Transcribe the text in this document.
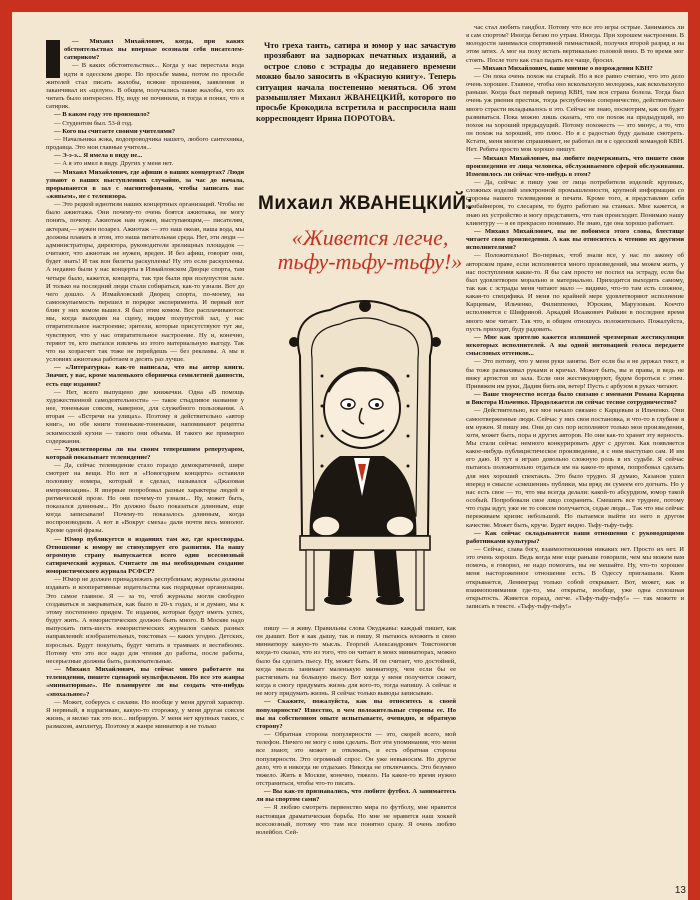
— Михаил Михайлович, когда, при каких обстоятельствах вы впервые осознали себя писателем-сатириком?

— В каких обстоятельствах... Когда у нас перестала вода идти в одесском дворе. По просьбе мамы, потом по просьбе жителей стал писать жалобы, всякие прошения, заявления и заканчивал их «целую». В общем, получались такие жалобы, что их читать было интересно. Ну, воду не починили, и тогда я понял, что я сатирик.

— В каком году это произошло?

— Студентом был. 53-й год.

— Кого вы считаете своими учителями?

— Начальника жэка, водопроводчика нашего, любого сантехника, продавца. Это мои главные учителя...

— Э-э-э... Я имела в виду не...

— А я это имел в виду. Других у меня нет.

— Михаил Михайлович, где афиши о ваших концертах? Люди узнают о ваших выступлениях случайно, за час до начала, прорываются в зал с магнитофонами, чтобы записать вас «живьем», не с телевизора.

— Это редкой идиотизм наших концертных организаций. Чтобы не было ажиотажа. Они почему-то очень боятся ажиотажа, не могу понять, почему. Ажиотаж нам нужен, выступающим,— писателям, актерам,— нужен позарез. Ажиотаж — это наш океан, наша вода, мы должны плавать в этом, это наша питательная среда. Нет, эти люди — администраторы, директора, руководители зрелищных площадок — считают, что ажиотаж не нужен, вреден. И без афиш, говорят они, будет знать! И так вон билеты раскуплены! Ну это если раскуплены. А недавно были у нас концерты в Измайловском Дворце спорта, там четыре было, кажется, концерта, так три были при полупустом зале. И только на последний люди стали собираться, как-то узнали. Вот до чего дошло. А Измайловский Дворец спорта, по-моему, на самоокупаемость перешел в порядке эксперимента. И первый вот блин у них комом вышел. Я был этим комом. Все расплачиваются: мы, когда выходим на сцену, видим полупустой зал, у нас отвратительное настроение; зрители, которые присутствуют тут же, чувствуют, что у нас отвратительное настроение. Ну и, конечно, теряют те, кто пытался извлечь из этого материальную выгоду. Так что на хозрасчет так тоже не перейдешь — без рекламы. А мы в условиях ажиотажа работаем в десять раз лучше.

— «Литературка» как-то написала, что вы автор книги. Значит, у вас, кроме маленького сборничка семилетней давности, есть еще издания?

— Нет, всего выпущено две книжечки. Одна «В помощь художественной самодеятельности» — такое стыдливое название у нее, тоненькая совсем, наверное, для служебного пользования. А вторая — «Встречи на улицах». Поэтому я действительно «автор книг», но обе книги тоненькие-тоненькие, напоминают рецепты эскимосской кухни — такого они объема. И такого же примерно содержания.

— Удовлетворены ли вы своим теперешним репертуаром, который показывает телевидение?

— Да, сейчас телевидение стало гораздо демократичней, шире смотрит на вещи. Но вот в «Новогоднем концерте» оставили половину номера, который я сделал, назывался «Джазовая импровизация». Я впервые попробовал разные характеры людей в ритмической прозе. Но они почему-то узнали... Ну, может быть, показался длинным... Но должно было показаться длинным, еще когда записывали! Почему-то показалось длинным, когда воспроизводили. А вот в «Вокруг смеха» дали почти весь монолог. Кроме одной фразы.

— Юмор публикуется в изданиях там же, где кроссворды. Отношение к юмору не стимулирует его развития. На нашу огромную страну выпускается всего один всесоюзный сатирический журнал. Считаете ли вы необходимым создание юмористического журнала РСФСР?

— Юмор не должен принадлежать республикам; журналы должны издавать и кооперативные издательства как подрядные организации. Это самое главное. Я — за то, чтоб журналы могли свободно создаваться и закрываться, как было в 20-х годах, и я думаю, мы к этому постепенно придем. Те издания, которые будут иметь успех, будут жить. А юмористических должно быть много. В Москве надо выпускать пять-шесть юмористических журналов самых разных направлений: изобразительных, текстовых — каких угодно. Детских, взрослых. Будут покупать, будут читать в трамваях и вестибюлях. Потому что это все надо для чтения до работы, после работы, несерьезные должны быть, развлекательные.

— Михаил Михайлович, вы сейчас много работаете на телевидении, пишете сценарий мультфильмов. Но все это жанры «миниатюрные». Не планируете ли вы создать что-нибудь «эпохальное»?

— Может, соберусь с силами. Но вообще у меня другой характер. Я нервный, я вздрагиваю, какую-то сторожку, у меня другая совсем жизнь, я мелко так это все... вибрирую. У меня нет крупных таких, с размахом, амплитуд. Поэтому в жанре миниатюр я не только

Что греха таить, сатира и юмор у нас зачастую прозябают на задворках печатных изданий, а острое слово с эстрады до недавнего времени можно было заносить в «Красную книгу». Теперь ситуация начала постепенно меняться. Об этом размышляет Михаил ЖВАНЕЦКИЙ, которого по просьбе Крокодила встретила и расспросила наш корреспондент Ирина ПОРОТОВА.
Михаил ЖВАНЕЦКИЙ:
«Живется легче, тьфу-тьфу-тьфу!»

пишу — я живу. Правильны слова Окуджавы: каждый пишет, как он дышит. Вот я как дышу, так и пишу. Я пытаюсь вложить в свою миниатюру какую-то мысль. Георгий Александрович Товстоногов когда-то сказал, что из того, что он читает в моих миниатюрах, можно было бы сделать пьесу. Ну, может быть. И он считает, что достойней, когда мысль занимает маленькую миниатюру, чем если бы ее растягивать на большую пьесу. Вот когда у меня получится сюжет, когда я смогу придумать жизнь для кого-то, тогда напишу. А сейчас я не могу придумать жизнь. Я сейчас только выводы записываю.

— Скажите, пожалуйста, как вы относитесь к своей популярности? Известно, в чем положительные стороны ее. Но вы на собственном опыте испытываете, очевидно, и обратную сторону?

— Обратная сторона популярности — это, скорей всего, мой телефон. Ничего не могу с ним сделать. Вот эти упоминания, что меня все знают, это может и отвлекать, и есть обратная сторона популярности. Это огромный спрос. Он уже невыносим. Но другое дело, что я никогда не отдыхаю. Никогда не отключаюсь. Это безумно тяжело. Жить в Москве, конечно, тяжело. На какое-то время нужно отстраниться, чтобы что-то писать.

— Вы как-то признавались, что любите футбол. А занимаетесь ли вы спортом сами?

— Я люблю смотреть первенство мира по футболу, мне нравится настоящая драматическая борьба. Но мне не нравится наш хоккей всесоюзный, потому что там все понятно сразу. Я очень люблю волейбол. Сей-

час стал любить гандбол. Потому что все это игры острые. Занимаюсь ли я сам спортом? Иногда бегаю по утрам. Иногда. При хорошем настроении. В молодости занимался спортивной гимнастикой, получил второй разряд и на этом затих. А мог на полу встать вертикально головой вниз. В то время мог стоять. После того как стал падать все чаще, бросил.

— Михаил Михайлович, ваше мнение о возрождении КВН?

— Он пока очень похож на старый. Но я все равно считаю, что это дело очень хорошее. Главное, чтобы оно всколыхнуло молодежь, как всколыхнуло раньше. Когда был первый период КВН, там вся страна болела. Тогда был очень уж рвения престиж, тогда респубочное соперничество, действительно много страсти вкладывалось в это. Сейчас не знаю, посмотрим, как он будет развиваться. Пока можно лишь сказать, что он похож на предыдущий, но похож на хороший предыдущий. Потому похожесть — это минус, а то, что он похож на хороший, это плюс. Но я с радостью буду дальше смотреть. Кстати, меня многие спрашивают, не работал ли я с одесской командой КВН. Нет. Ребята просто мои хорошо пишут.

— Михаил Михайлович, вы любите подчеркивать, что пишете свои произведения от лица человека, обслуживаемого сферой обслуживания. Изменилось ли сейчас что-нибудь в этом?

— Да, сейчас я пишу уже от лица потребителя изделий: крупных, сложных изделий электронной промышленности, крупной информации со стороны нашего телевидения и печати. Кроме того, я представляю себя комбайнером, то слесарем, то будто работаю на станках. Мне кажется, я знаю их устройство и могу представить, что там происходит. Понимаю нашу клиентуру — я ее прекрасно понимаю. Не знаю, где она хорошо работает.

— Михаил Михайлович, вы не побоимся этого слова, блестяще читаете свои произведения. А как вы относитесь к чтению их другими исполнителями?

— Положительно! Во-первых, чтоб знали все, у нас по закону об авторском праве, если исполняется много произведений, мы можем жить, у нас поступления какие-то. Я бы сам просто не поспел на эстраду, если бы был удовлетворен морально и материально. Приходится выходить самому, так как с эстрады меня читают мало — видимо, что-то там есть сложное, какая-то специфика. И меня по крайней мере удовлетворяют исполнение Карцевым, Ильченко, Филиппенко, Юрским, Марузовым. Коечто исполняется с Шифриной. Аркадий Исаакович Райкин в последнее время много мое читает. Так что, в общем отношусь положительно. Пожалуйста, пусть приходят, буду радовать.

— Мне как зрителю кажется излишней чрезмерная жестикуляция некоторых исполнителей. А вы одной интонацией голоса передаете смысловых оттенков...

— Это потому, что у меня руки заняты. Вот если бы я не держал текст, я бы тоже размахивал руками и кричал. Может быть, вы и правы, в ведь не вижу артистов из зала. Если они жестикулируют, будем бороться с этим. Привяжем им руки, Дадим бить им, ветер! Пусть с арбузом в руках читают.

— Ваше творчество всегда было связано с именами Романа Карцева и Виктора Ильченко. Продолжается ли сейчас тесное сотрудничество?

— Действительно, все мое начало связано с Карцевым и Ильченко. Они самоотверженные люди. Сейчас у них своя постановка, и что-то в глубине я им нужен. Я пишу им. Они до сих пор исполняют только мои произведения, хотя, может быть, пора и других авторов. Но они как-то хранят эту верность. Мы стали сейчас немного конкурировать друг с другом. Как появляется какое-нибудь публицистическое произведение, я с ним выступаю сам. И им его даю. И тут я играю довольно сложную роль в их судьбе. Я сейчас пытаюсь положительно отдаться им на какое-то время, попробовал сделать для них хороший спектакль. Это было трудно. Я думаю, Хазанов ушел вперед в смысле «смешения» публики, мы вряд ли сумеем его догнать. Но у нас есть свое — то, что мы всегда делали: какой-то абсурдизм, юмор такой особый. Попробовали свое лицо сохранить. Смешить все труднее, потому что годы идут, уже не то совсем получается, седые люди... Так что мы сейчас переживаем кризис небольшой. Но пытаемся выйти из него в другом качестве. Может быть, круче. Будет видно. Тьфу-тьфу-тьфу.

— Как сейчас складываются ваши отношения с руководящими работниками культуры?

— Сейчас, слава богу, взаимоотношения никаких нет. Просто их нет. И это очень хорошо. Ведь когда мне еще раньше говорили, чем мы можем вам помочь, я говорил, не надо помогать, вы не мешайте. Ну, что-то хорошее меня настороженное отношение есть. В Одессу приглашали. Киев открывается, Ленинград только собой открывает. Вот, может, как и взаимопонимания где-то, мы открыты, вообще, уже одна сплошная открытость. Живется горазд, легче. «Тьфу-тьфу-тьфу!» — так можете и записать в тексте. «Тьфу-тьфу-тьфу!»

13
